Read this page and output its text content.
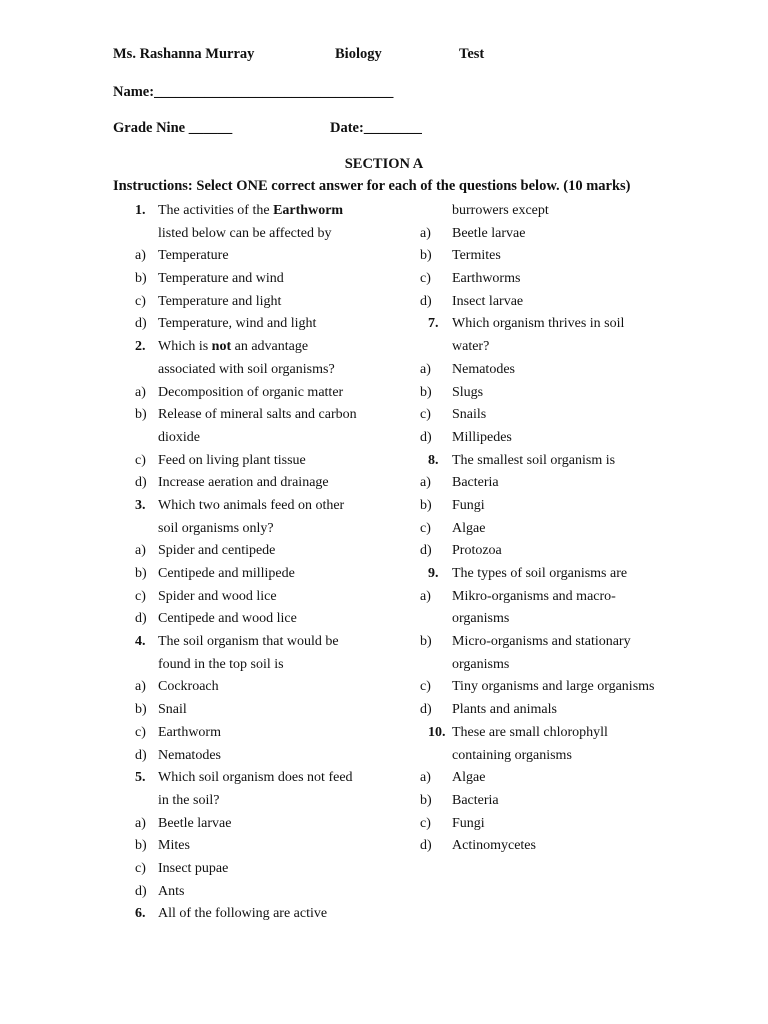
Ms. Rashanna Murray	Biology	Test
Name:_________________________________
Grade Nine ______	Date:________
SECTION A
Instructions: Select ONE correct answer for each of the questions below. (10 marks)
1. The activities of the Earthworm
listed below can be affected by
a) Temperature
b) Temperature and wind
c) Temperature and light
d) Temperature, wind and light
2. Which is not an advantage
associated with soil organisms?
a) Decomposition of organic matter
b) Release of mineral salts and carbon
dioxide
c) Feed on living plant tissue
d) Increase aeration and drainage
3. Which two animals feed on other
soil organisms only?
a) Spider and centipede
b) Centipede and millipede
c) Spider and wood lice
d) Centipede and wood lice
4. The soil organism that would be
found in the top soil is
a) Cockroach
b) Snail
c) Earthworm
d) Nematodes
5. Which soil organism does not feed
in the soil?
a) Beetle larvae
b) Mites
c) Insect pupae
d) Ants
6. All of the following are active
burrowers except
a)	Beetle larvae
b)	Termites
c)	Earthworms
d)	Insect larvae
7. Which organism thrives in soil
water?
a)	Nematodes
b)	Slugs
c)	Snails
d)	Millipedes
8. The smallest soil organism is
a)	Bacteria
b)	Fungi
c)	Algae
d)	Protozoa
9. The types of soil organisms are
a)	Mikro-organisms and macro-
organisms
b)	Micro-organisms and stationary
organisms
c)	Tiny organisms and large organisms
d)	Plants and animals
10. These are small chlorophyll
containing organisms
a)	Algae
b)	Bacteria
c)	Fungi
d)	Actinomycetes
